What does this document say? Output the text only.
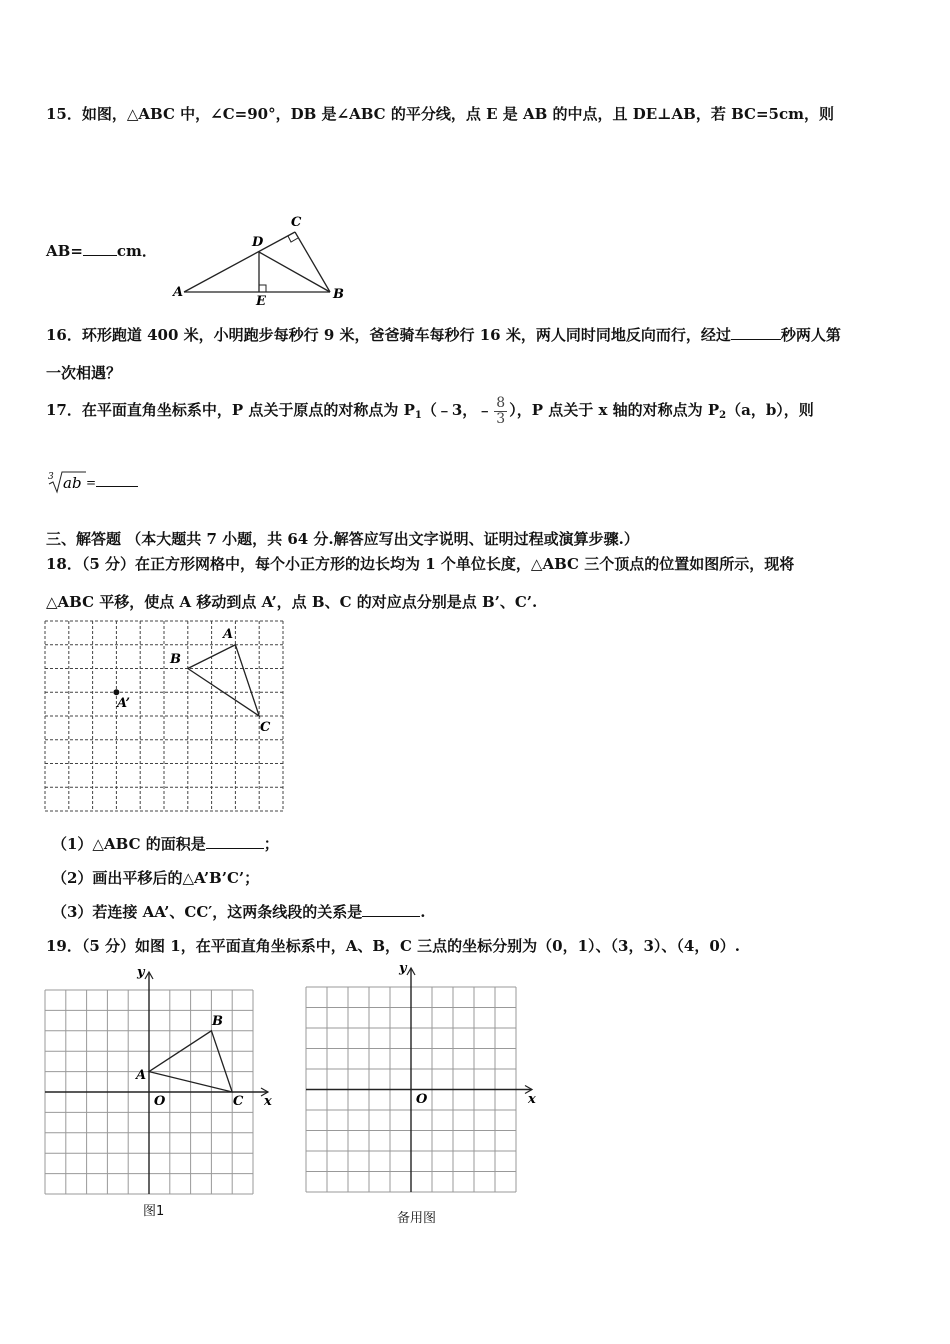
15．如图，△ABC 中，∠C=90°，DB 是∠ABC 的平分线，点 E 是 AB 的中点，且 DE⊥AB，若 BC=5cm，则
A	B
C
D
E
AB= cm．
16．环形跑道 400 米，小明跑步每秒行 9 米，爸爸骑车每秒行 16 米，两人同时同地反向而行，经过	秒两人第
一次相遇？
17．在平面直角坐标系中，P 点关于原点的对称点为 $P_1(﹣3$，﹣ $\frac{8}{3}$ ），P 点关于 x 轴的对称点为 $P_2(a$，b），则
3 ab =
三、解答题 （本大题共 7 小题，共 64 分.解答应写出文字说明、证明过程或演算步骤.）
18．（5 分）在正方形网格中，每个小正方形的边长均为 1 个单位长度，△ABC 三个顶点的位置如图所示，现将
△ABC 平移，使点 A 移动到点 A’，点 B、C 的对应点分别是点 B’、C’.
A
B
C
A’
（1）△ABC 的面积是	；
（2）画出平移后的△A’B’C’；
（3）若连接 AA’、CC′，这两条线段的关系是	.
19．（5 分）如图 1，在平面直角坐标系中，A、B，C 三点的坐标分别为（0，1）、（3，3）、（4，0）.
A
B
C
O	x
y
图1
O	x
y
备用图
